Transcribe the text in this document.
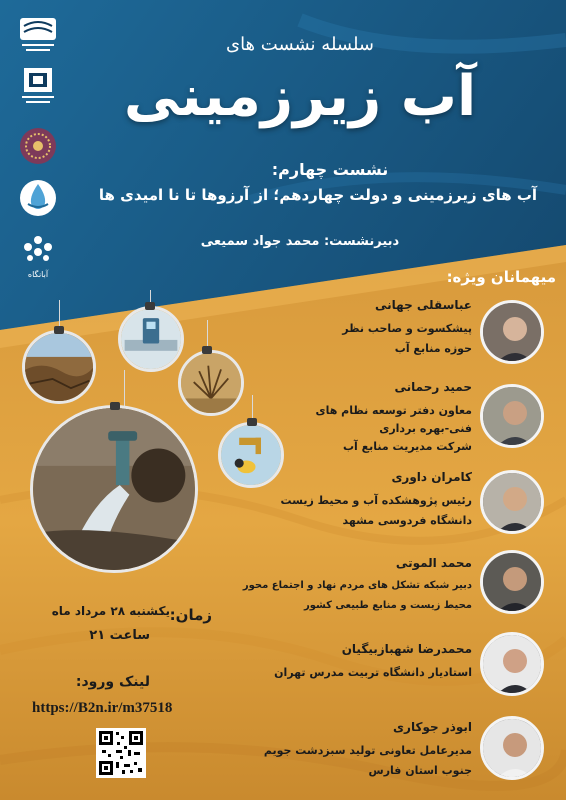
آبانگاه
سلسله نشست های
آب زیرزمینی
نشست چهارم:
آب های زیرزمینی و دولت چهاردهم؛ از آرزوها تا نا امیدی ها
دبیرنشست: محمد جواد سمیعی
میهمانان ویژه:
عباسقلی جهانی
پیشکسوت و صاحب نظر
حوزه منابع آب
حمید رحمانی
معاون دفتر توسعه نظام های
فنی-بهره برداری
شرکت مدیریت منابع آب
کامران داوری
رئیس پژوهشکده آب و محیط زیست
دانشگاه فردوسی مشهد
محمد الموتی
دبیر شبکه تشکل های مردم نهاد و اجتماع محور
محیط زیست و منابع طبیعی کشور
محمدرضا شهبازبیگیان
استادیار دانشگاه تربیت مدرس تهران
ابوذر جوکاری
مدیرعامل تعاونی تولید سبزدشت جویم
جنوب استان فارس
زمان:
یکشنبه ۲۸ مرداد ماه
ساعت ۲۱
لینک ورود:
https://B2n.ir/m37518
